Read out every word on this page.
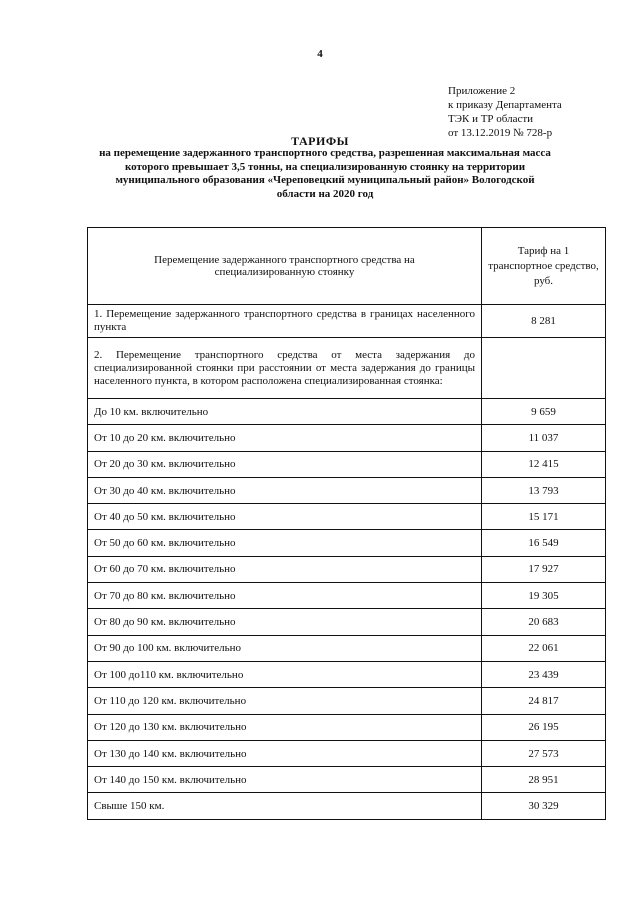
4
Приложение 2
к приказу Департамента
ТЭК и ТР области
от 13.12.2019 № 728-р
ТАРИФЫ
на перемещение задержанного транспортного средства, разрешенная максимальная масса которого превышает 3,5 тонны, на специализированную стоянку на территории муниципального образования «Череповецкий муниципальный район» Вологодской области на 2020 год
Перемещение задержанного транспортного средства на специализированную стоянку	Тариф на 1 транспортное средство, руб.
1. Перемещение задержанного транспортного средства в границах населенного пункта	8 281
2. Перемещение транспортного средства от места задержания до специализированной стоянки при расстоянии от места задержания до границы населенного пункта, в котором расположена специализированная стоянка:	
До 10 км. включительно	9 659
От 10 до 20 км. включительно	11 037
От 20 до 30 км. включительно	12 415
От 30 до 40 км. включительно	13 793
От 40 до 50 км. включительно	15 171
От 50 до 60 км. включительно	16 549
От 60 до 70 км. включительно	17 927
От 70 до 80 км. включительно	19 305
От 80 до 90 км. включительно	20 683
От 90 до 100 км. включительно	22 061
От 100 до110 км. включительно	23 439
От 110 до 120 км. включительно	24 817
От 120 до 130 км. включительно	26 195
От 130 до 140 км. включительно	27 573
От 140 до 150 км. включительно	28 951
Свыше 150 км.	30 329
